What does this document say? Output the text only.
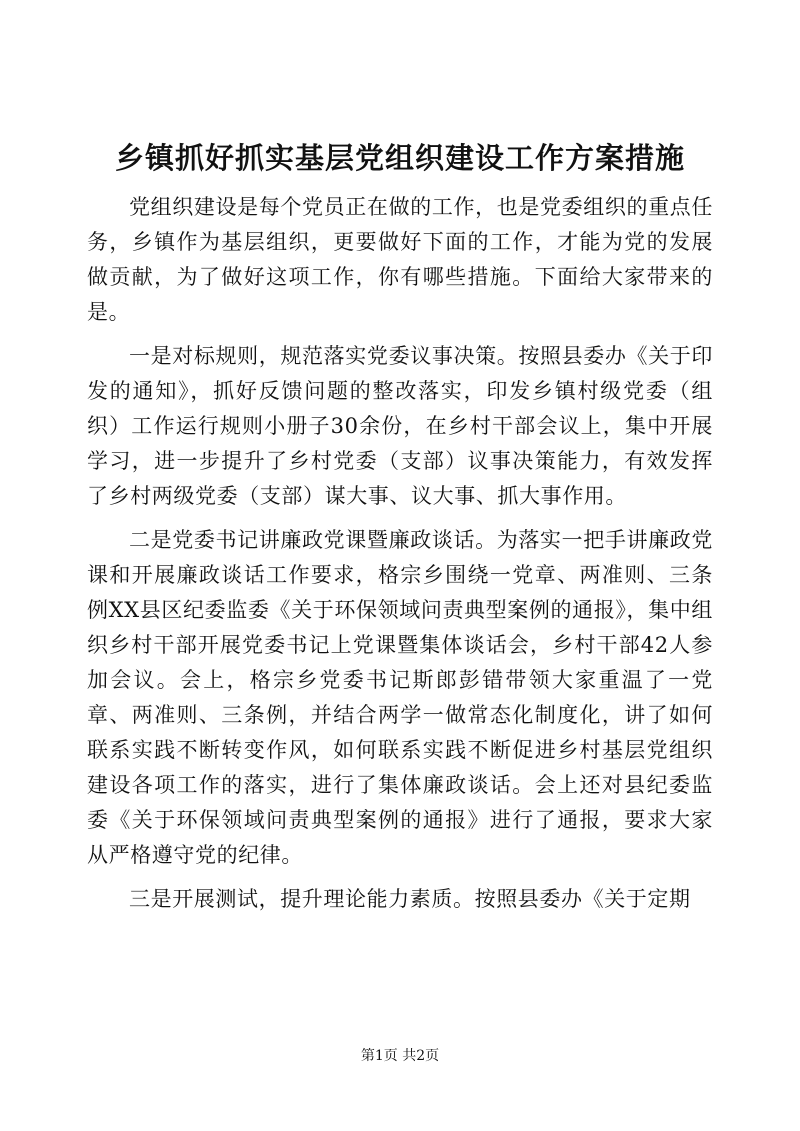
乡镇抓好抓实基层党组织建设工作方案措施

党组织建设是每个党员正在做的工作，也是党委组织的重点任务，乡镇作为基层组织，更要做好下面的工作，才能为党的发展做贡献，为了做好这项工作，你有哪些措施。下面给大家带来的是。

一是对标规则，规范落实党委议事决策。按照县委办《关于印发的通知》，抓好反馈问题的整改落实，印发乡镇村级党委（组织）工作运行规则小册子30余份，在乡村干部会议上，集中开展学习，进一步提升了乡村党委（支部）议事决策能力，有效发挥了乡村两级党委（支部）谋大事、议大事、抓大事作用。

二是党委书记讲廉政党课暨廉政谈话。为落实一把手讲廉政党课和开展廉政谈话工作要求，格宗乡围绕一党章、两准则、三条例XX县区纪委监委《关于环保领域问责典型案例的通报》，集中组织乡村干部开展党委书记上党课暨集体谈话会，乡村干部42人参加会议。会上，格宗乡党委书记斯郎彭错带领大家重温了一党章、两准则、三条例，并结合两学一做常态化制度化，讲了如何联系实践不断转变作风，如何联系实践不断促进乡村基层党组织建设各项工作的落实，进行了集体廉政谈话。会上还对县纪委监委《关于环保领域问责典型案例的通报》进行了通报，要求大家从严格遵守党的纪律。

三是开展测试，提升理论能力素质。按照县委办《关于定期

第1页 共2页
